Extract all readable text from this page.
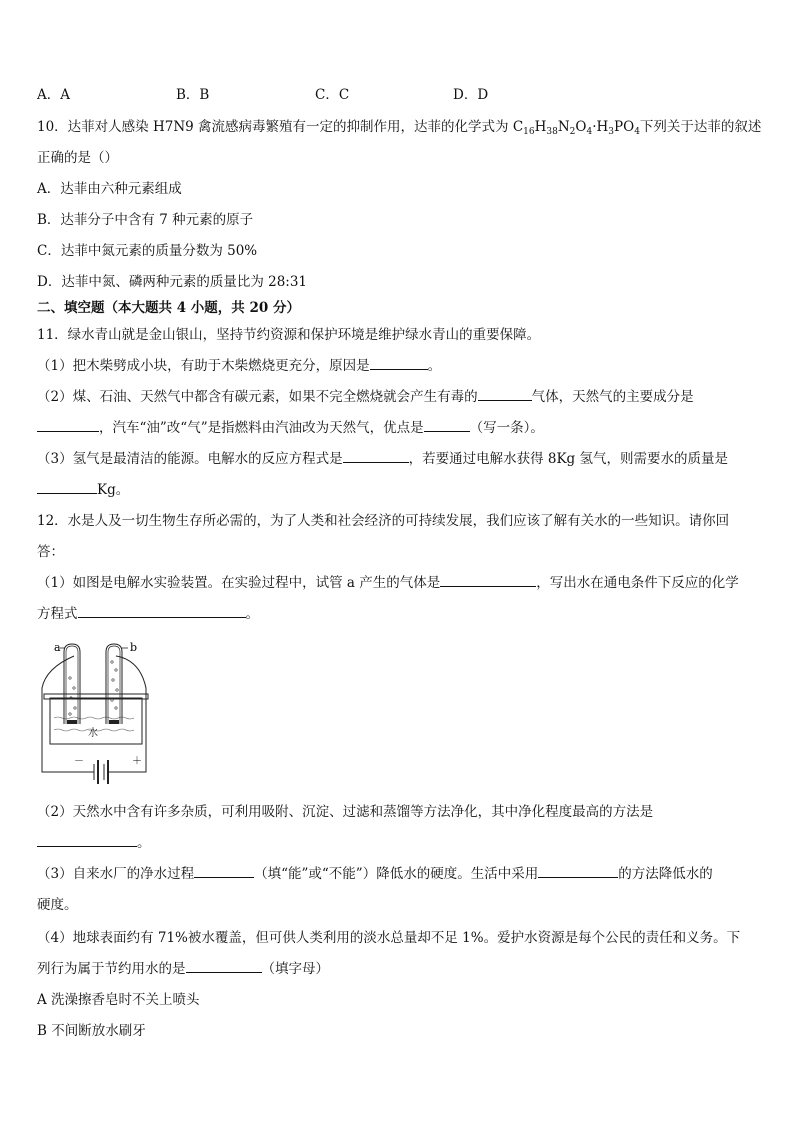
A．A	B．B	C．C	D．D
10．达菲对人感染 H7N9 禽流感病毒繁殖有一定的抑制作用，达菲的化学式为 $C_{16}H_{38}N_2O_4\cdot H_3PO_4$下列关于达菲的叙述
正确的是（）
A．达菲由六种元素组成
B．达菲分子中含有 7 种元素的原子
C．达菲中氮元素的质量分数为 50%
D．达菲中氮、磷两种元素的质量比为 28:31
二、填空题（本大题共 4 小题，共 20 分）
11．绿水青山就是金山银山，坚持节约资源和保护环境是维护绿水青山的重要保障。
（1）把木柴劈成小块，有助于木柴燃烧更充分，原因是	。
（2）煤、石油、天然气中都含有碳元素，如果不完全燃烧就会产生有毒的	气体，天然气的主要成分是
，汽车“油”改“气”是指燃料由汽油改为天然气，优点是	（写一条）。
（3）氢气是最清洁的能源。电解水的反应方程式是	，若要通过电解水获得 8Kg 氢气，则需要水的质量是
Kg。
12．水是人及一切生物生存所必需的，为了人类和社会经济的可持续发展，我们应该了解有关水的一些知识。请你回
答：
（1）如图是电解水实验装置。在实验过程中，试管 a 产生的气体是	，写出水在通电条件下反应的化学
方程式	。
－	＋
水
a	b
（2）天然水中含有许多杂质，可利用吸附、沉淀、过滤和蒸馏等方法净化，其中净化程度最高的方法是
。
（3）自来水厂的净水过程	（填“能”或“不能”）降低水的硬度。生活中采用	的方法降低水的
硬度。
（4）地球表面约有 71%被水覆盖，但可供人类利用的淡水总量却不足 1%。爱护水资源是每个公民的责任和义务。下
列行为属于节约用水的是	（填字母）
A 洗澡擦香皂时不关上喷头
B 不间断放水刷牙
